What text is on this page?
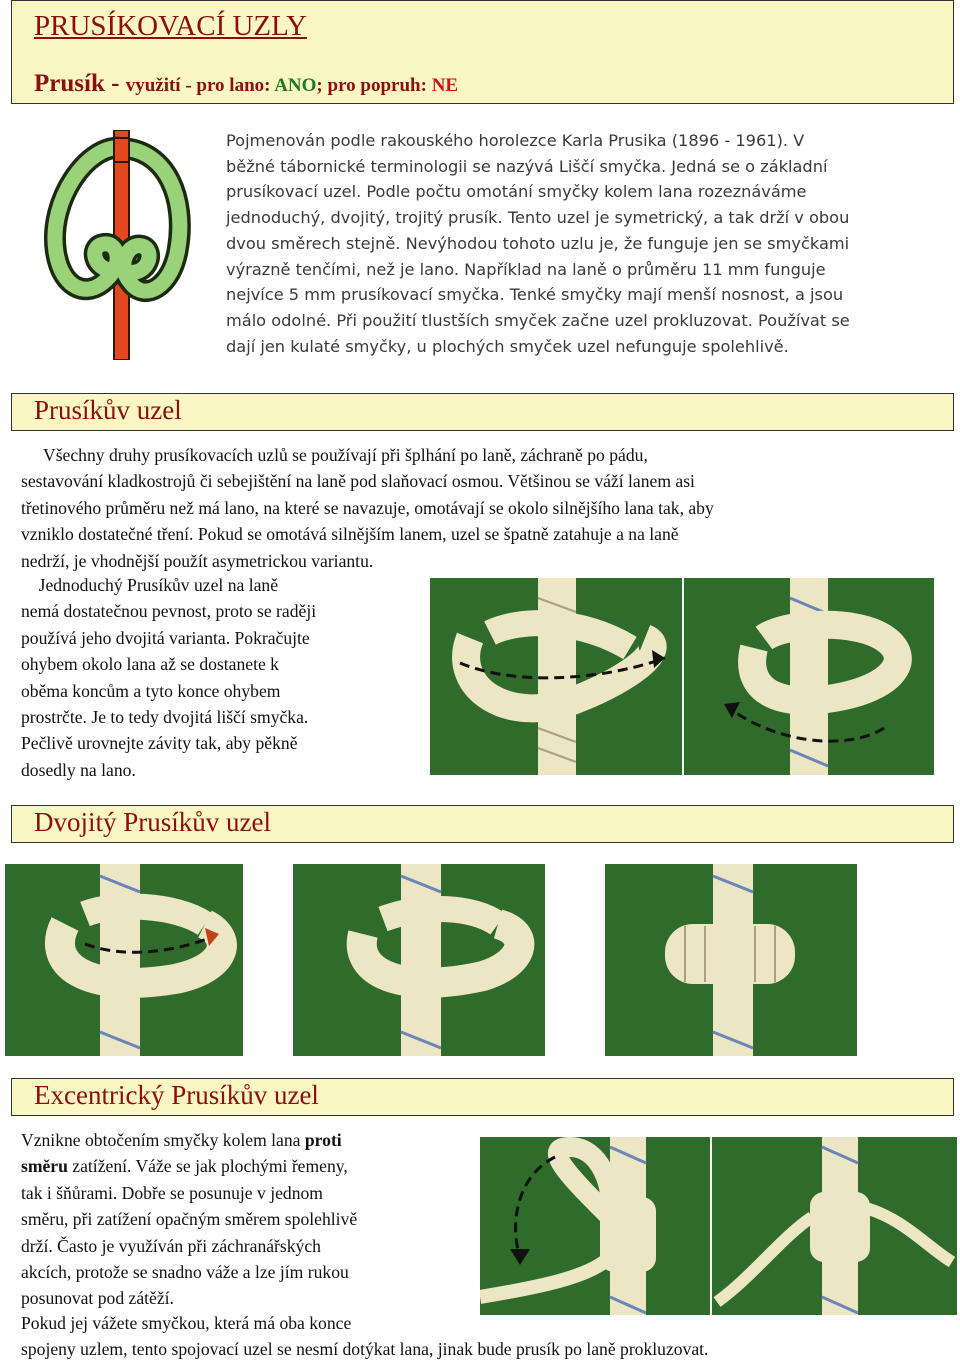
PRUSÍKOVACÍ UZLY
Prusík - využití - pro lano: ANO; pro popruh: NE

Pojmenován podle rakouského horolezce Karla Prusika (1896 - 1961). V
běžné tábornické terminologii se nazývá Liščí smyčka. Jedná se o základní
prusíkovací uzel. Podle počtu omotání smyčky kolem lana rozeznáváme
jednoduchý, dvojitý, trojitý prusík. Tento uzel je symetrický, a tak drží v obou
dvou směrech stejně. Nevýhodou tohoto uzlu je, že funguje jen se smyčkami
výrazně tenčími, než je lano. Například na laně o průměru 11 mm funguje
nejvíce 5 mm prusíkovací smyčka. Tenké smyčky mají menší nosnost, a jsou
málo odolné. Při použití tlustších smyček začne uzel prokluzovat. Používat se
dají jen kulaté smyčky, u plochých smyček uzel nefunguje spolehlivě.

Prusíkův uzel

Všechny druhy prusíkovacích uzlů se používají při šplhání po laně, záchraně po pádu,
sestavování kladkostrojů či sebejištění na laně pod slaňovací osmou. Většinou se váží lanem asi
třetinového průměru než má lano, na které se navazuje, omotávají se okolo silnějšího lana tak, aby
vzniklo dostatečné tření. Pokud se omotává silnějším lanem, uzel se špatně zatahuje a na laně
nedrží, je vhodnější použít asymetrickou variantu.

Jednoduchý Prusíkův uzel na laně
nemá dostatečnou pevnost, proto se raději
používá jeho dvojitá varianta. Pokračujte
ohybem okolo lana až se dostanete k
oběma koncům a tyto konce ohybem
prostrčte. Je to tedy dvojitá liščí smyčka.
Pečlivě urovnejte závity tak, aby pěkně
dosedly na lano.

Dvojitý Prusíkův uzel
Excentrický Prusíkův uzel

Vznikne obtočením smyčky kolem lana proti
směru zatížení. Váže se jak plochými řemeny,
tak i šňůrami. Dobře se posunuje v jednom
směru, při zatížení opačným směrem spolehlivě
drží. Často je využíván při záchranářských
akcích, protože se snadno váže a lze jím rukou
posunovat pod zátěží.

Pokud jej vážete smyčkou, která má oba konce
spojeny uzlem, tento spojovací uzel se nesmí dotýkat lana, jinak bude prusík po laně prokluzovat.
